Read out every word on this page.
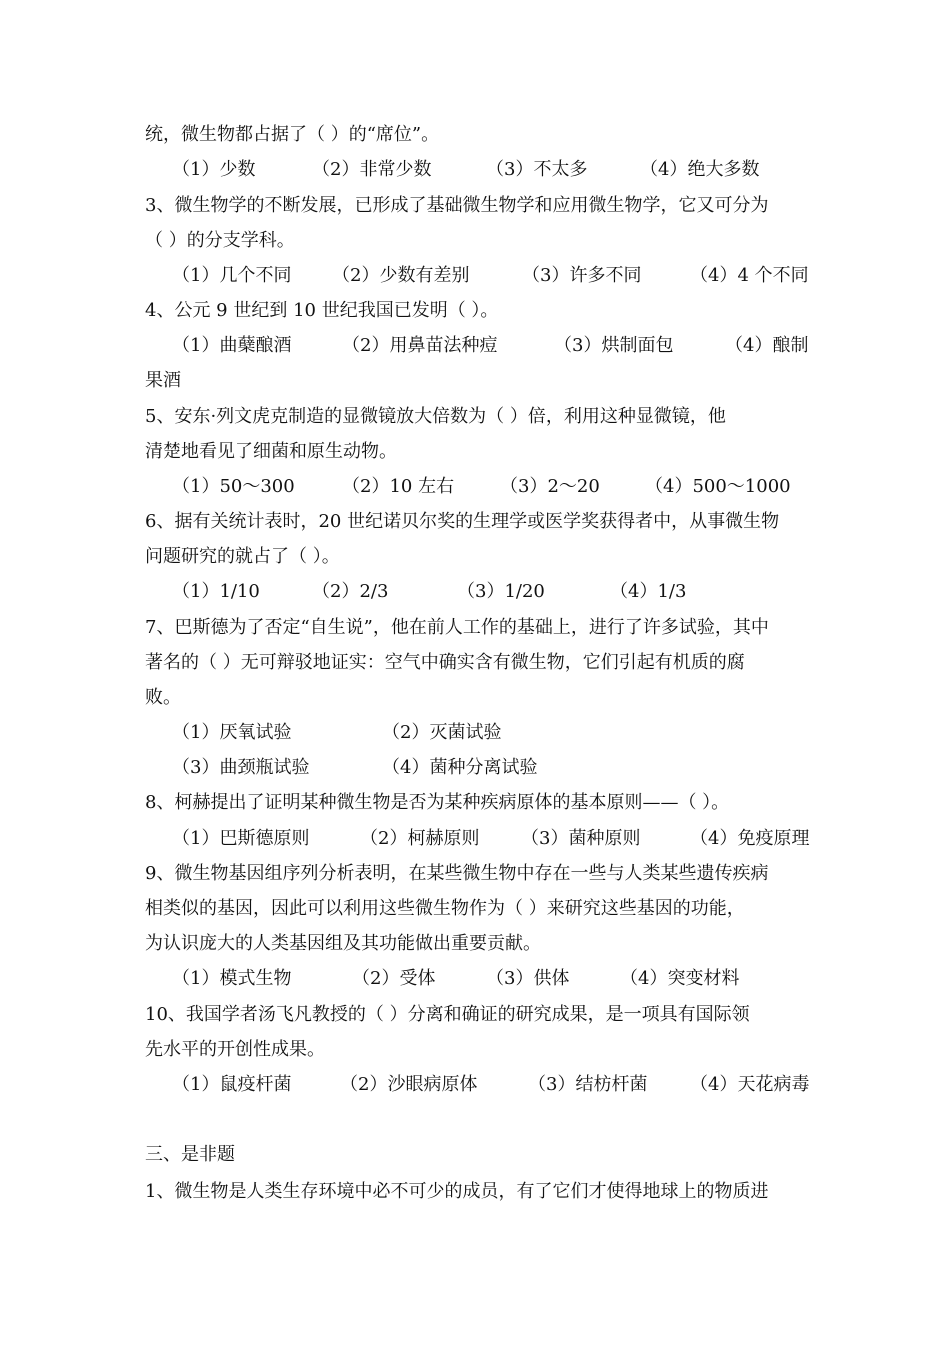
统，微生物都占据了（ ）的“席位”。
（1）少数	（2）非常少数	（3）不太多	（4）绝大多数
3、微生物学的不断发展，已形成了基础微生物学和应用微生物学，它又可分为
（ ）的分支学科。
（1）几个不同 （2）少数有差别	（3）许多不同	（4）4 个不同
4、公元 9 世纪到 10 世纪我国已发明（ ）。
（1）曲蘖酿酒	（2）用鼻苗法种痘	（3）烘制面包	（4）酿制
果酒
5、安东·列文虎克制造的显微镜放大倍数为（ ）倍，利用这种显微镜，他
清楚地看见了细菌和原生动物。
（1）50～300	（2）10 左右	（3）2～20	（4）500～1000
6、据有关统计表时，20 世纪诺贝尔奖的生理学或医学奖获得者中，从事微生物
问题研究的就占了（ ）。
（1）1/10	（2）2/3	（3）1/20	（4）1/3
7、巴斯德为了否定“自生说”，他在前人工作的基础上，进行了许多试验，其中
著名的（ ）无可辩驳地证实：空气中确实含有微生物，它们引起有机质的腐
败。
（1）厌氧试验	（2）灭菌试验
（3）曲颈瓶试验	（4）菌种分离试验
8、柯赫提出了证明某种微生物是否为某种疾病原体的基本原则——（ ）。
（1）巴斯德原则	（2）柯赫原则 （3）菌种原则	（4）免疫原理
9、微生物基因组序列分析表明，在某些微生物中存在一些与人类某些遗传疾病
相类似的基因，因此可以利用这些微生物作为（ ）来研究这些基因的功能，
为认识庞大的人类基因组及其功能做出重要贡献。
（1）模式生物	（2）受体	（3）供体	（4）突变材料
10、我国学者汤飞凡教授的（ ）分离和确证的研究成果，是一项具有国际领
先水平的开创性成果。
（1）鼠疫杆菌	（2）沙眼病原体	（3）结枋杆菌 （4）天花病毒
三、是非题
1、微生物是人类生存环境中必不可少的成员，有了它们才使得地球上的物质进
